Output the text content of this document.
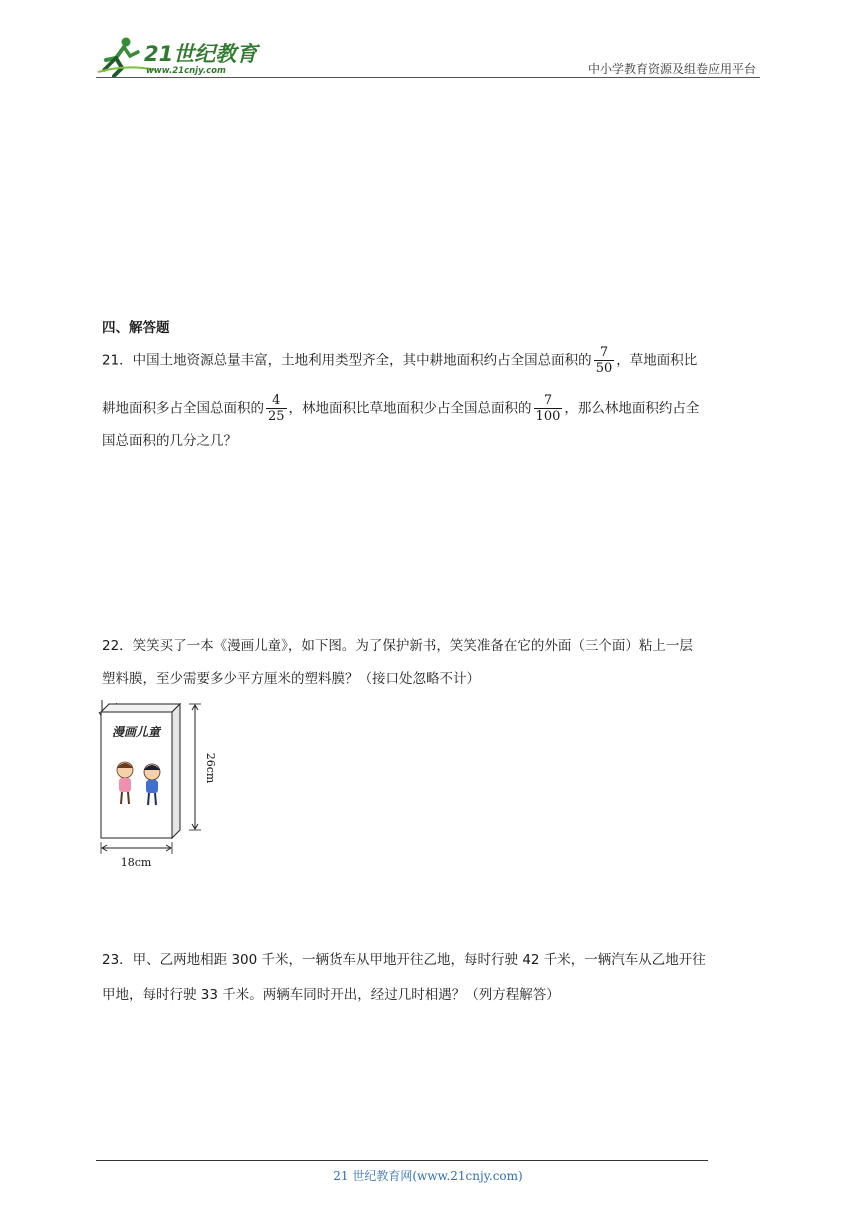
21世纪教育
www.21cnjy.com	中小学教育资源及组卷应用平台
四、解答题
21．中国土地资源总量丰富，土地利用类型齐全，其中耕地面积约占全国总面积的 $\frac{7}{50}$ ，草地面积比
耕地面积多占全国总面积的 $\frac{4}{25}$ ，林地面积比草地面积少占全国总面积的 $\frac{7}{100}$ ，那么林地面积约占全
国总面积的几分之几？
22．笑笑买了一本《漫画儿童》，如下图。为了保护新书，笑笑准备在它的外面（三个面）粘上一层
塑料膜，至少需要多少平方厘米的塑料膜？（接口处忽略不计）
漫画儿童
26cm
18cm
23．甲、乙两地相距 300 千米，一辆货车从甲地开往乙地，每时行驶 42 千米，一辆汽车从乙地开往
甲地，每时行驶 33 千米。两辆车同时开出，经过几时相遇？（列方程解答）
21 世纪教育网(www.21cnjy.com)
